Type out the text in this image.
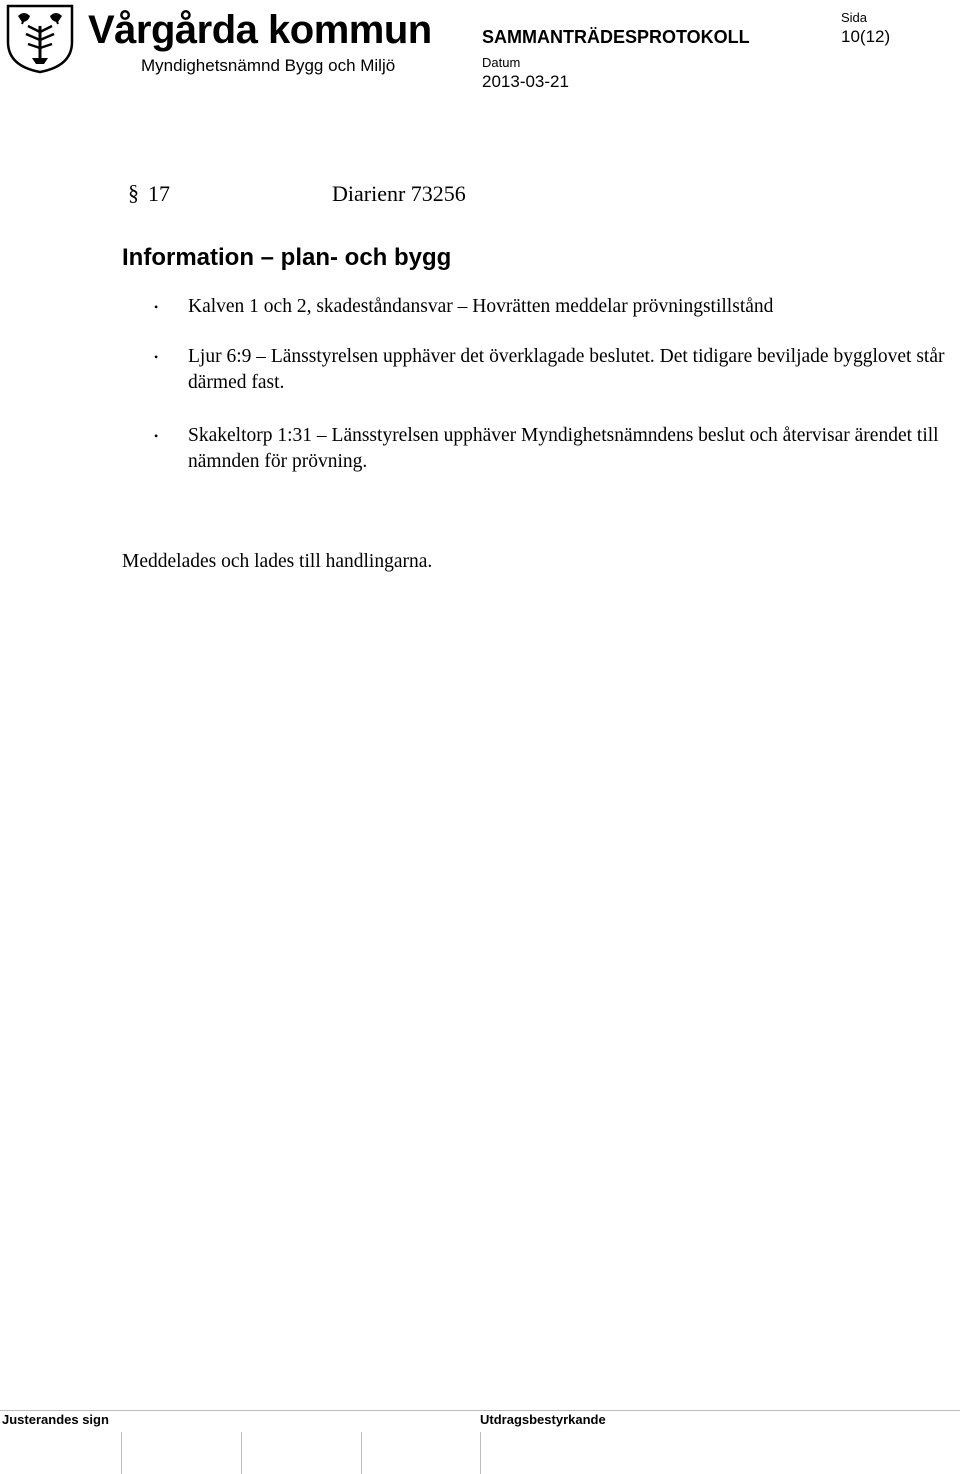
Vårgårda kommun
Myndighetsnämnd Bygg och Miljö
SAMMANTRÄDESPROTOKOLL
Datum
2013-03-21
Sida
10(12)
§ 17	Diarienr 73256
Information – plan- och bygg
• Kalven 1 och 2, skadeståndansvar – Hovrätten meddelar prövningstillstånd
• Ljur 6:9 – Länsstyrelsen upphäver det överklagade beslutet. Det tidigare beviljade bygglovet står därmed fast.
• Skakeltorp 1:31 – Länsstyrelsen upphäver Myndighetsnämndens beslut och återvisar ärendet till nämnden för prövning.
Meddelades och lades till handlingarna.
Justerandes sign	Utdragsbestyrkande
